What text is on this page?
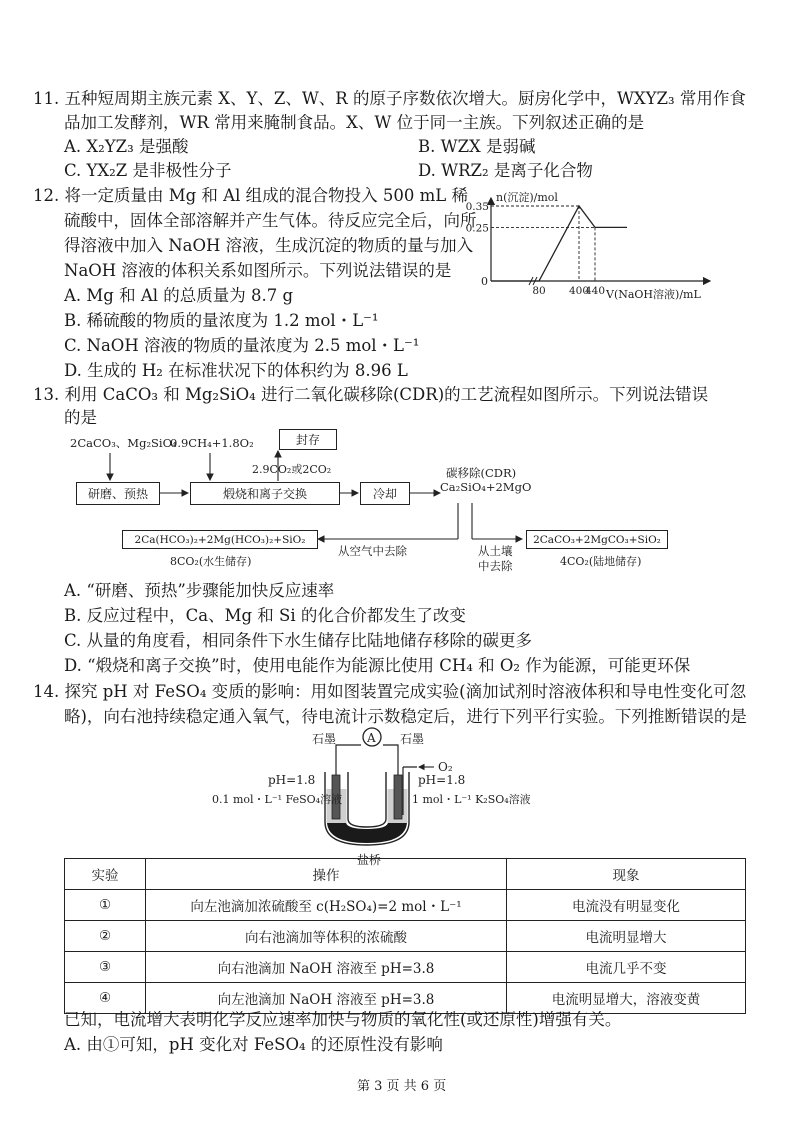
11. 五种短周期主族元素 X、Y、Z、W、R 的原子序数依次增大。厨房化学中，WXYZ₃ 常用作食
品加工发酵剂，WR 常用来腌制食品。X、W 位于同一主族。下列叙述正确的是
A. X₂YZ₃ 是强酸	B. WZX 是弱碱
C. YX₂Z 是非极性分子	D. WRZ₂ 是离子化合物
12. 将一定质量由 Mg 和 Al 组成的混合物投入 500 mL 稀
硫酸中，固体全部溶解并产生气体。待反应完全后，向所
得溶液中加入 NaOH 溶液，生成沉淀的物质的量与加入
NaOH 溶液的体积关系如图所示。下列说法错误的是
A. Mg 和 Al 的总质量为 8.7 g
B. 稀硫酸的物质的量浓度为 1.2 mol・L⁻¹
C. NaOH 溶液的物质的量浓度为 2.5 mol・L⁻¹
D. 生成的 H₂ 在标准状况下的体积约为 8.96 L
0.35
0.25
80 400
440
n(沉淀)/mol
V(NaOH溶液)/mL
0
13. 利用 CaCO₃ 和 Mg₂SiO₄ 进行二氧化碳移除(CDR)的工艺流程如图所示。下列说法错误
的是
2CaCO₃、Mg₂SiO₄
0.9CH₄+1.8O₂
2.9CO₂或2CO₂	碳移除(CDR)
Ca₂SiO₄+2MgO
8CO₂(水生储存)
从空气中去除	从土壤
中去除	4CO₂(陆地储存)
封存
研磨、预热	煅烧和离子交换	冷却
2Ca(HCO₃)₂+2Mg(HCO₃)₂+SiO₂	2CaCO₃+2MgCO₃+SiO₂
A. “研磨、预热”步骤能加快反应速率
B. 反应过程中，Ca、Mg 和 Si 的化合价都发生了改变
C. 从量的角度看，相同条件下水生储存比陆地储存移除的碳更多
D. “煅烧和离子交换”时，使用电能作为能源比使用 CH₄ 和 O₂ 作为能源，可能更环保
14. 探究 pH 对 FeSO₄ 变质的影响：用如图装置完成实验(滴加试剂时溶液体积和导电性变化可忽
略)，向右池持续稳定通入氧气，待电流计示数稳定后，进行下列平行实验。下列推断错误的是
A
石墨	石墨
O₂
pH=1.8	pH=1.8
0.1 mol・L⁻¹ FeSO₄溶液	1 mol・L⁻¹ K₂SO₄溶液
盐桥
实验	操作	现象
①	向左池滴加浓硫酸至 c(H₂SO₄)=2 mol・L⁻¹	电流没有明显变化
②	向右池滴加等体积的浓硫酸	电流明显增大
③	向右池滴加 NaOH 溶液至 pH=3.8	电流几乎不变
④	向左池滴加 NaOH 溶液至 pH=3.8	电流明显增大，溶液变黄
已知，电流增大表明化学反应速率加快与物质的氧化性(或还原性)增强有关。
A. 由①可知，pH 变化对 FeSO₄ 的还原性没有影响
第 3 页 共 6 页
